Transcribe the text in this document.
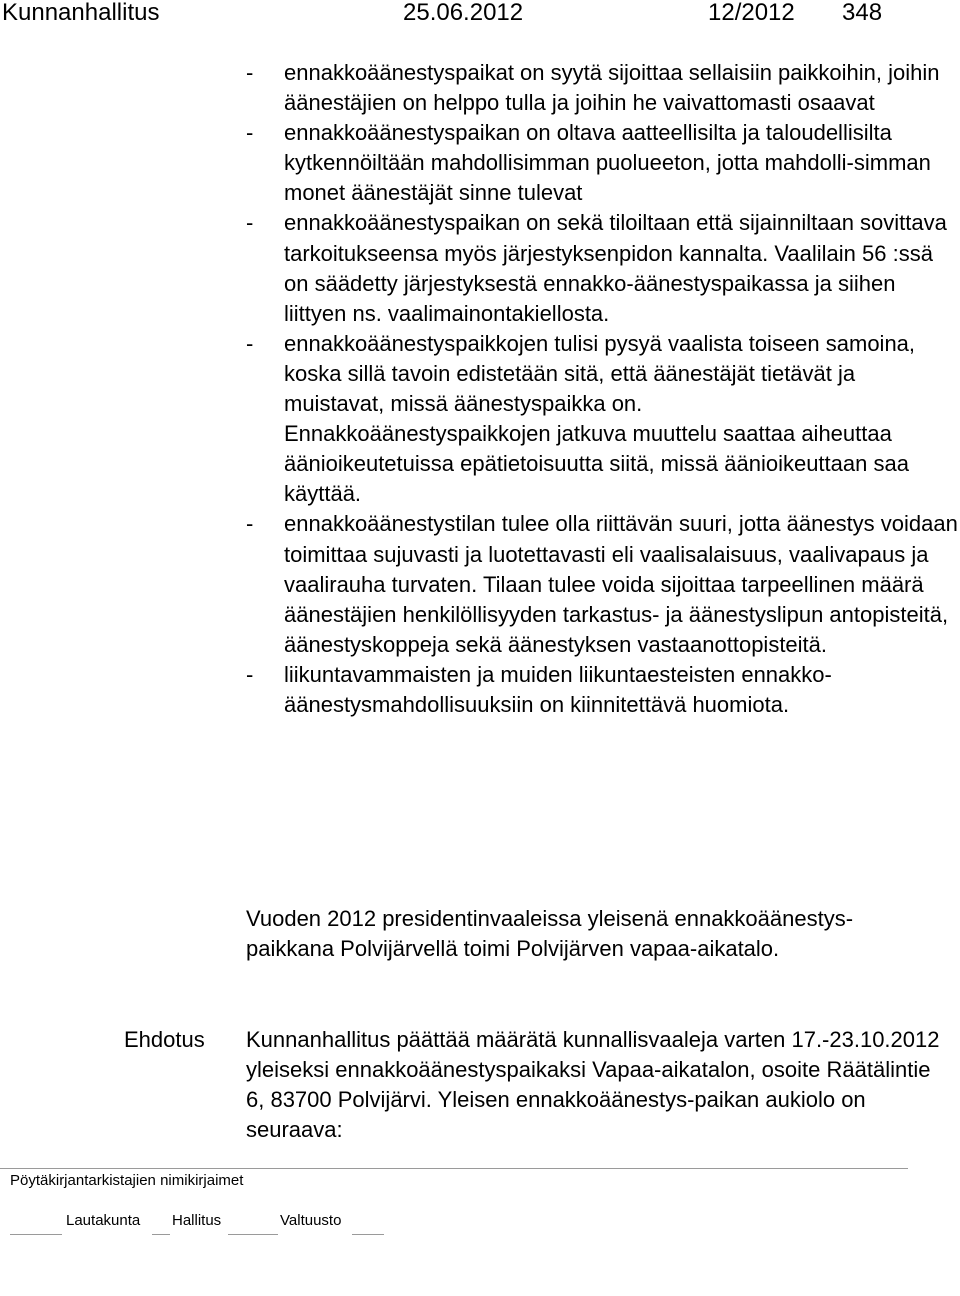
Kunnanhallitus	25.06.2012	12/2012 348
-	ennakkoäänestyspaikat on syytä sijoittaa sellaisiin paikkoihin, joihin äänestäjien on helppo tulla ja joihin he vaivattomasti osaavat

-	ennakkoäänestyspaikan on oltava aatteellisilta ja taloudellisilta kytkennöiltään mahdollisimman puolueeton, jotta mahdolli-simman monet äänestäjät sinne tulevat

-	ennakkoäänestyspaikan on sekä tiloiltaan että sijainniltaan sovittava tarkoitukseensa myös järjestyksenpidon kannalta. Vaalilain 56 :ssä on säädetty järjestyksestä ennakko-äänestyspaikassa ja siihen liittyen ns. vaalimainontakiellosta.

-	ennakkoäänestyspaikkojen tulisi pysyä vaalista toiseen samoina, koska sillä tavoin edistetään sitä, että äänestäjät tietävät ja muistavat, missä äänestyspaikka on.

Ennakkoäänestyspaikkojen jatkuva muuttelu saattaa aiheuttaa äänioikeutetuissa epätietoisuutta siitä, missä äänioikeuttaan saa käyttää.

-	ennakkoäänestystilan tulee olla riittävän suuri, jotta äänestys voidaan toimittaa sujuvasti ja luotettavasti eli vaalisalaisuus, vaalivapaus ja vaalirauha turvaten. Tilaan tulee voida sijoittaa tarpeellinen määrä äänestäjien henkilöllisyyden tarkastus- ja äänestyslipun antopisteitä, äänestyskoppeja sekä äänestyksen vastaanottopisteitä.

-	liikuntavammaisten ja muiden liikuntaesteisten ennakko-äänestysmahdollisuuksiin on kiinnitettävä huomiota.

Vuoden 2012 presidentinvaaleissa yleisenä ennakkoäänestys-paikkana Polvijärvellä toimi Polvijärven vapaa-aikatalo.

Ehdotus Kunnanhallitus päättää määrätä kunnallisvaaleja varten 17.-23.10.2012 yleiseksi ennakkoäänestyspaikaksi Vapaa-aikatalon, osoite Räätälintie 6, 83700 Polvijärvi. Yleisen ennakkoäänestys-paikan aukiolo on seuraava:

Pöytäkirjantarkistajien nimikirjaimet
Lautakunta Hallitus	Valtuusto
